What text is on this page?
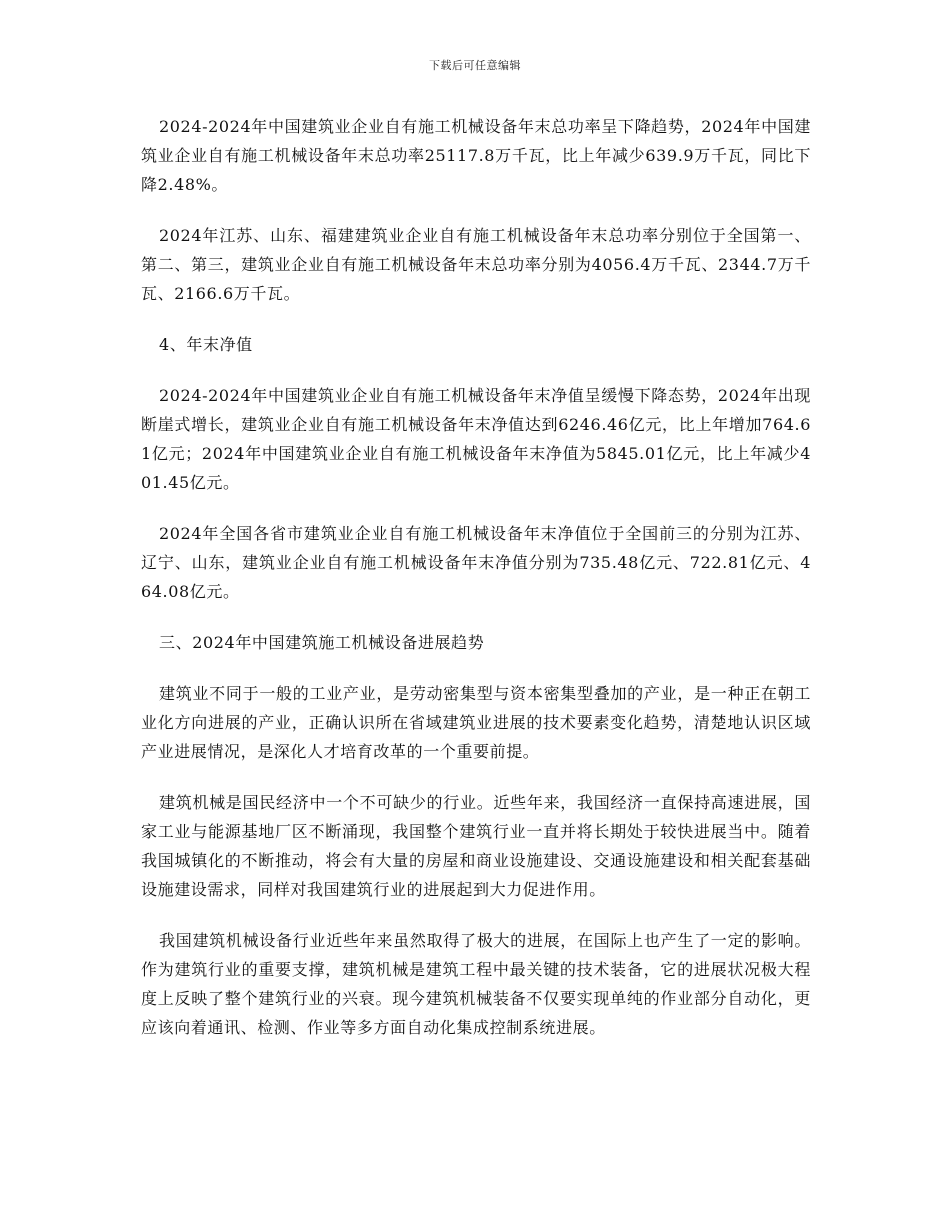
下载后可任意编辑

2024-2024年中国建筑业企业自有施工机械设备年末总功率呈下降趋势，2024年中国建筑业企业自有施工机械设备年末总功率25117.8万千瓦，比上年减少639.9万千瓦，同比下降2.48%。

2024年江苏、山东、福建建筑业企业自有施工机械设备年末总功率分别位于全国第一、第二、第三，建筑业企业自有施工机械设备年末总功率分别为4056.4万千瓦、2344.7万千瓦、2166.6万千瓦。

4、年末净值

2024-2024年中国建筑业企业自有施工机械设备年末净值呈缓慢下降态势，2024年出现断崖式增长，建筑业企业自有施工机械设备年末净值达到6246.46亿元，比上年增加764.61亿元；2024年中国建筑业企业自有施工机械设备年末净值为5845.01亿元，比上年减少401.45亿元。

2024年全国各省市建筑业企业自有施工机械设备年末净值位于全国前三的分别为江苏、辽宁、山东，建筑业企业自有施工机械设备年末净值分别为735.48亿元、722.81亿元、464.08亿元。

三、2024年中国建筑施工机械设备进展趋势

建筑业不同于一般的工业产业，是劳动密集型与资本密集型叠加的产业，是一种正在朝工业化方向进展的产业，正确认识所在省域建筑业进展的技术要素变化趋势，清楚地认识区域产业进展情况，是深化人才培育改革的一个重要前提。

建筑机械是国民经济中一个不可缺少的行业。近些年来，我国经济一直保持高速进展，国家工业与能源基地厂区不断涌现，我国整个建筑行业一直并将长期处于较快进展当中。随着我国城镇化的不断推动，将会有大量的房屋和商业设施建设、交通设施建设和相关配套基础设施建设需求，同样对我国建筑行业的进展起到大力促进作用。

我国建筑机械设备行业近些年来虽然取得了极大的进展，在国际上也产生了一定的影响。作为建筑行业的重要支撑，建筑机械是建筑工程中最关键的技术装备，它的进展状况极大程度上反映了整个建筑行业的兴衰。现今建筑机械装备不仅要实现单纯的作业部分自动化，更应该向着通讯、检测、作业等多方面自动化集成控制系统进展。
